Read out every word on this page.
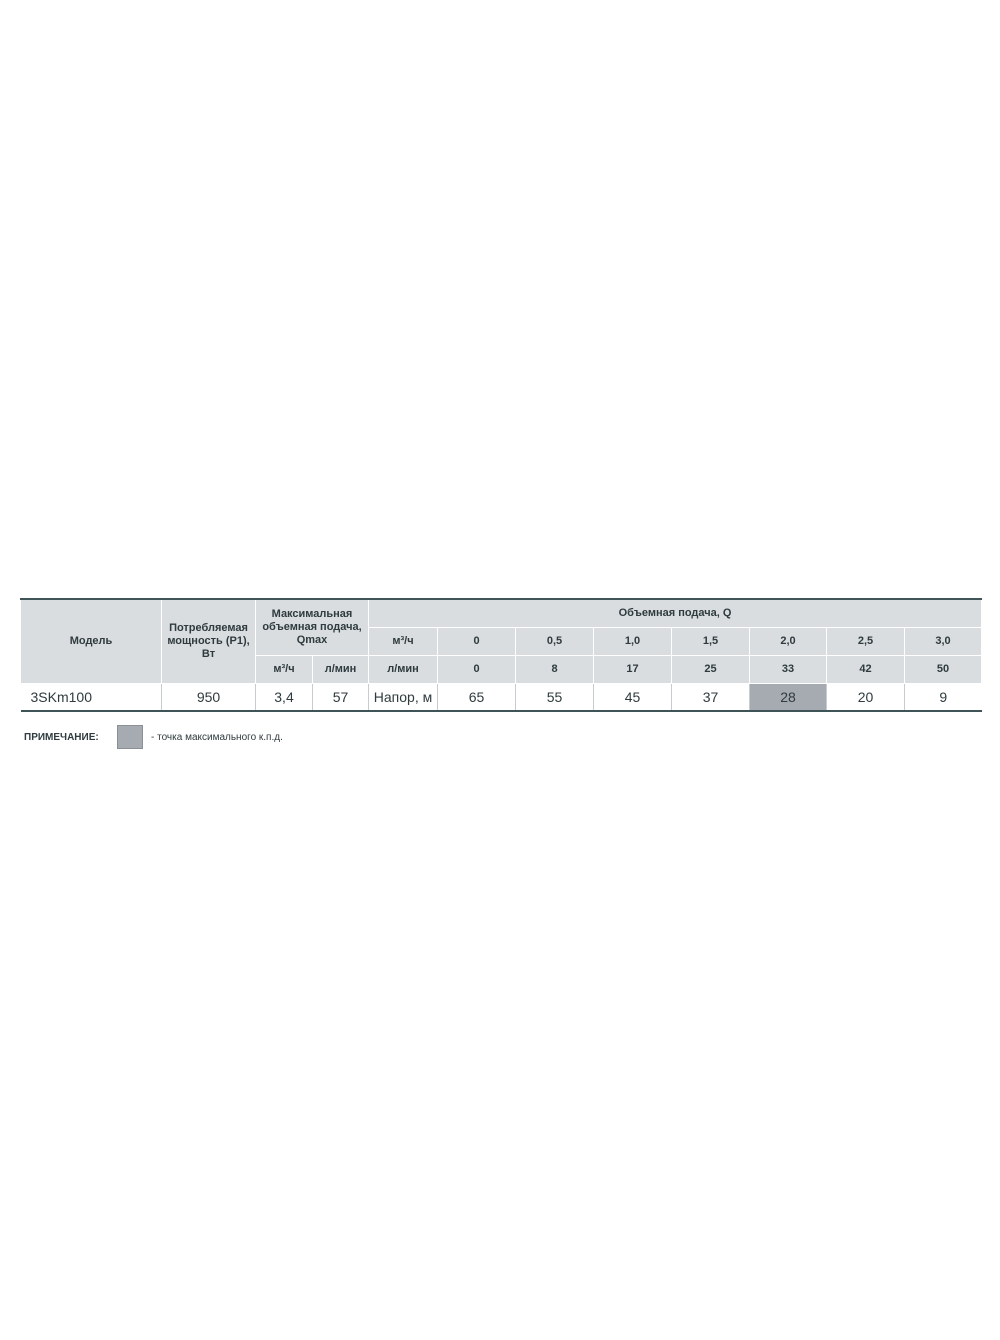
Модель	Потребляемая мощность (P1), Вт	Максимальная объемная подача, Qmax		Объемная подача, Q							
				м³/ч	0	0,5	1,0	1,5	2,0	2,5	3,0
		м³/ч	л/мин	л/мин	0	8	17	25	33	42	50
3SKm100	950	3,4	57	Напор, м	65	55	45	37	28	20	9
ПРИМЕЧАНИЕ:	- точка максимального к.п.д.
